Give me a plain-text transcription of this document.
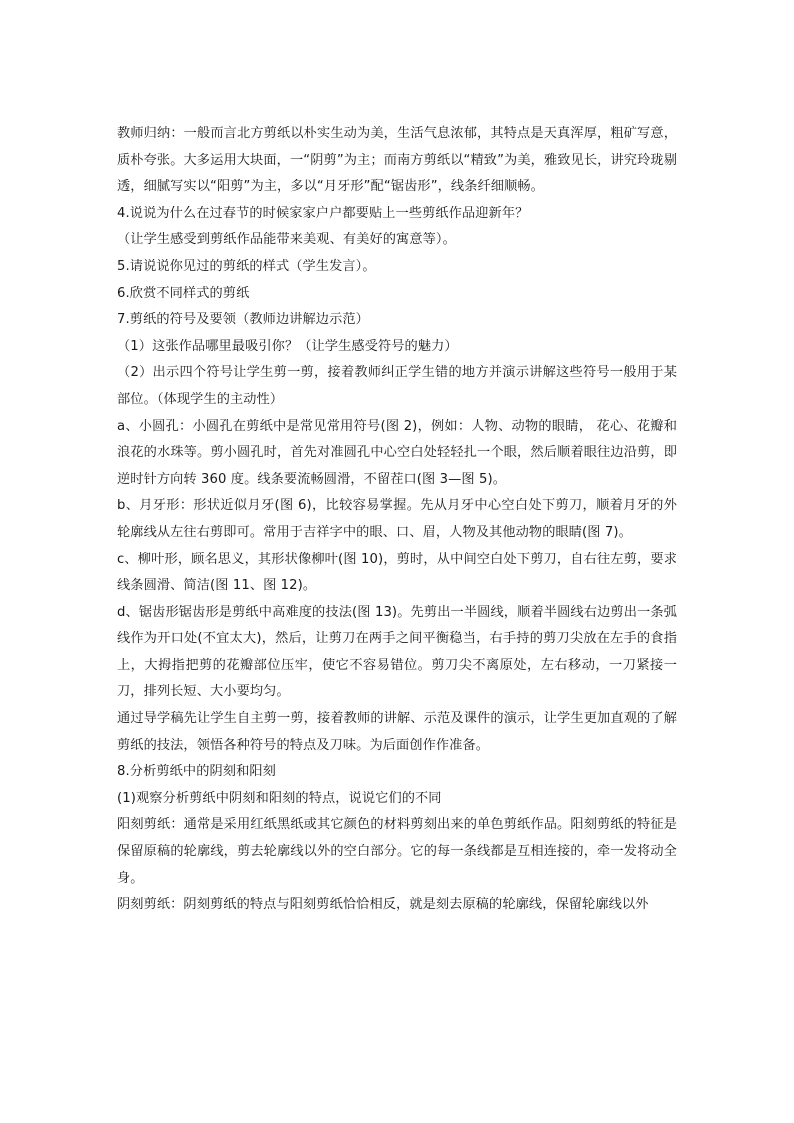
教师归纳：一般而言北方剪纸以朴实生动为美，生活气息浓郁，其特点是天真浑厚，粗矿写意，质朴夸张。大多运用大块面，一“阴剪”为主；而南方剪纸以“精致”为美，雅致见长，讲究玲珑剔透，细腻写实以“阳剪”为主，多以“月牙形”配“锯齿形”，线条纤细顺畅。

4.说说为什么在过春节的时候家家户户都要贴上一些剪纸作品迎新年？

（让学生感受到剪纸作品能带来美观、有美好的寓意等）。

5.请说说你见过的剪纸的样式（学生发言）。

6.欣赏不同样式的剪纸

7.剪纸的符号及要领（教师边讲解边示范）

（1）这张作品哪里最吸引你？（让学生感受符号的魅力）

（2）出示四个符号让学生剪一剪，接着教师纠正学生错的地方并演示讲解这些符号一般用于某部位。（体现学生的主动性）

a、小圆孔：小圆孔在剪纸中是常见常用符号(图 2)，例如：人物、动物的眼睛， 花心、花瓣和浪花的水珠等。剪小圆孔时，首先对准圆孔中心空白处轻轻扎一个眼，然后顺着眼往边沿剪，即逆时针方向转 360 度。线条要流畅圆滑，不留茬口(图 3—图 5)。

b、月牙形：形状近似月牙(图 6)，比较容易掌握。先从月牙中心空白处下剪刀，顺着月牙的外轮廓线从左往右剪即可。常用于吉祥字中的眼、口、眉，人物及其他动物的眼睛(图 7)。

c、柳叶形，顾名思义，其形状像柳叶(图 10)，剪时，从中间空白处下剪刀，自右往左剪，要求线条圆滑、简洁(图 11、图 12)。

d、锯齿形锯齿形是剪纸中高难度的技法(图 13)。先剪出一半圆线，顺着半圆线右边剪出一条弧线作为开口处(不宜太大)，然后，让剪刀在两手之间平衡稳当，右手持的剪刀尖放在左手的食指上，大拇指把剪的花瓣部位压牢，使它不容易错位。剪刀尖不离原处，左右移动，一刀紧接一刀，排列长短、大小要均匀。

通过导学稿先让学生自主剪一剪，接着教师的讲解、示范及课件的演示，让学生更加直观的了解剪纸的技法，领悟各种符号的特点及刀味。为后面创作作准备。

8.分析剪纸中的阴刻和阳刻

(1)观察分析剪纸中阴刻和阳刻的特点，说说它们的不同

阳刻剪纸：通常是采用红纸黑纸或其它颜色的材料剪刻出来的单色剪纸作品。阳刻剪纸的特征是保留原稿的轮廓线，剪去轮廓线以外的空白部分。它的每一条线都是互相连接的，牵一发将动全身。

阴刻剪纸：阴刻剪纸的特点与阳刻剪纸恰恰相反，就是刻去原稿的轮廓线，保留轮廓线以外
